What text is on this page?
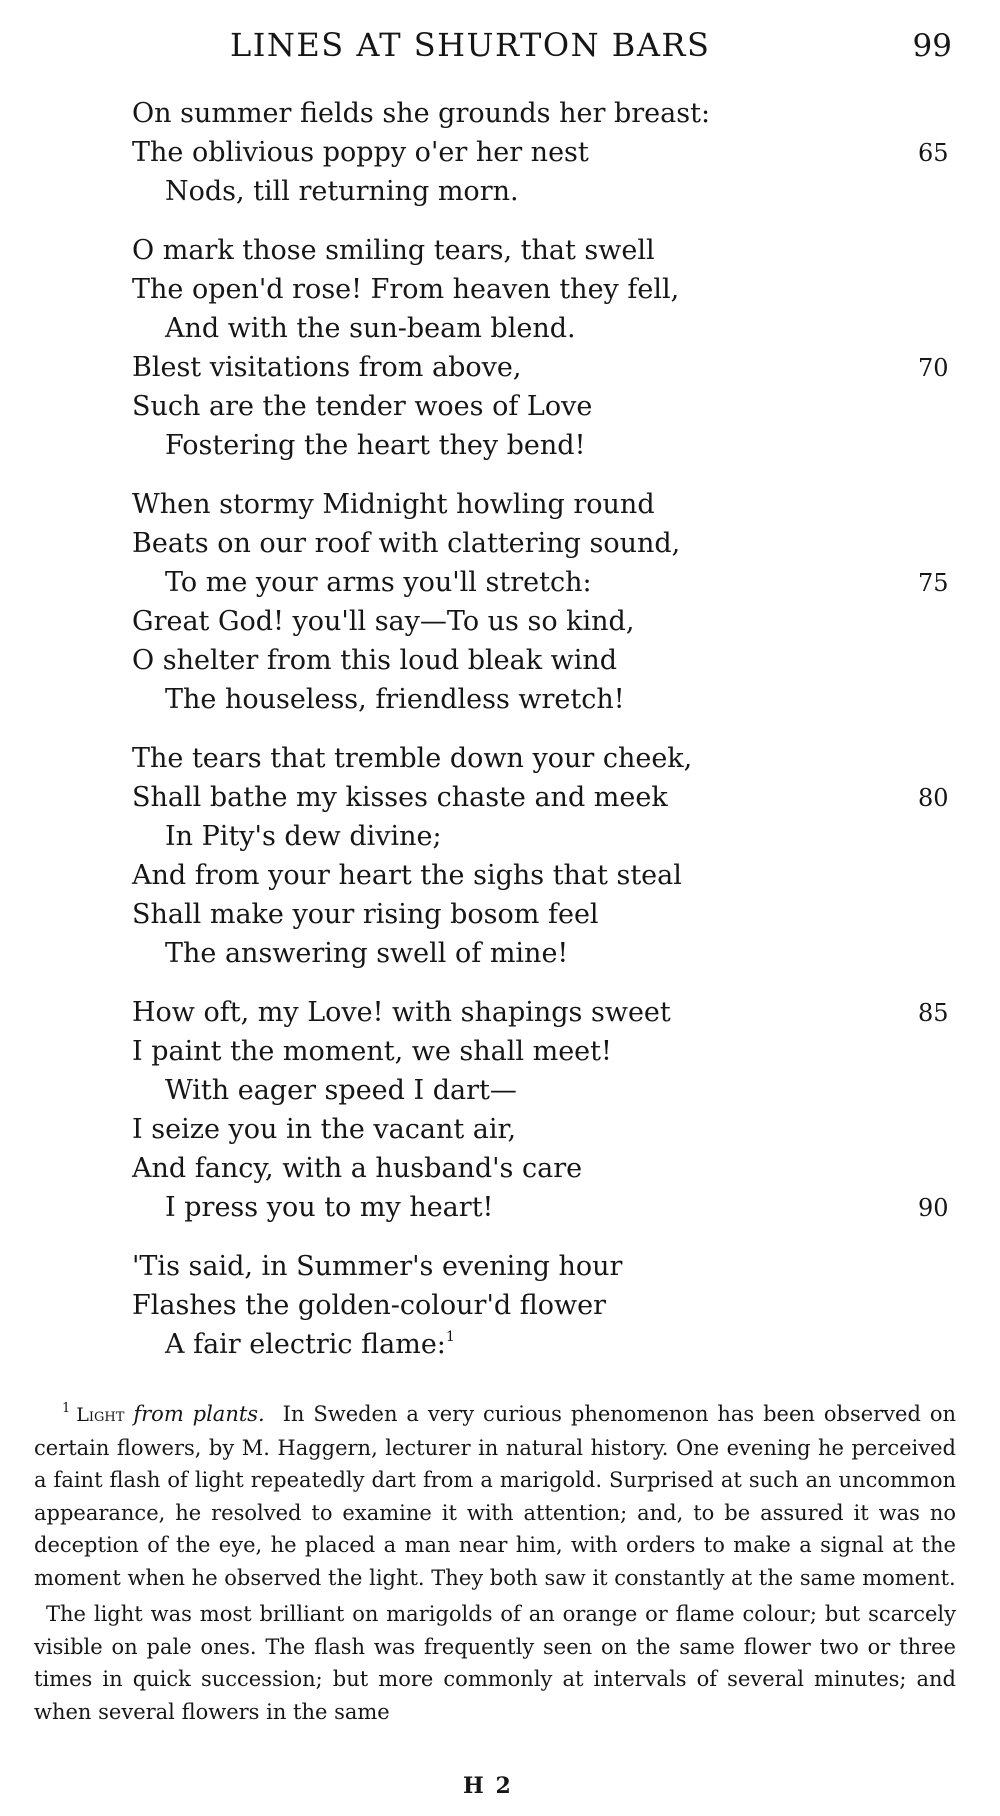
LINES AT SHURTON BARS	99
On summer fields she grounds her breast:
The oblivious poppy o'er her nest	65
Nods, till returning morn.
O mark those smiling tears, that swell
The open'd rose! From heaven they fell,
And with the sun-beam blend.
Blest visitations from above,	70
Such are the tender woes of Love
Fostering the heart they bend!
When stormy Midnight howling round
Beats on our roof with clattering sound,
To me your arms you'll stretch:	75
Great God! you'll say—To us so kind,
O shelter from this loud bleak wind
The houseless, friendless wretch!
The tears that tremble down your cheek,
Shall bathe my kisses chaste and meek	80
In Pity's dew divine;
And from your heart the sighs that steal
Shall make your rising bosom feel
The answering swell of mine!
How oft, my Love! with shapings sweet	85
I paint the moment, we shall meet!
With eager speed I dart—
I seize you in the vacant air,
And fancy, with a husband's care
I press you to my heart!	90
'Tis said, in Summer's evening hour
Flashes the golden-colour'd flower
A fair electric flame:$^1$

$^1$ Light from plants. In Sweden a very curious phenomenon has been observed on certain flowers, by M. Haggern, lecturer in natural history. One evening he perceived a faint flash of light repeatedly dart from a marigold. Surprised at such an uncommon appearance, he resolved to examine it with attention; and, to be assured it was no deception of the eye, he placed a man near him, with orders to make a signal at the moment when he observed the light. They both saw it constantly at the same moment.

The light was most brilliant on marigolds of an orange or flame colour; but scarcely visible on pale ones. The flash was frequently seen on the same flower two or three times in quick succession; but more commonly at intervals of several minutes; and when several flowers in the same

H 2
